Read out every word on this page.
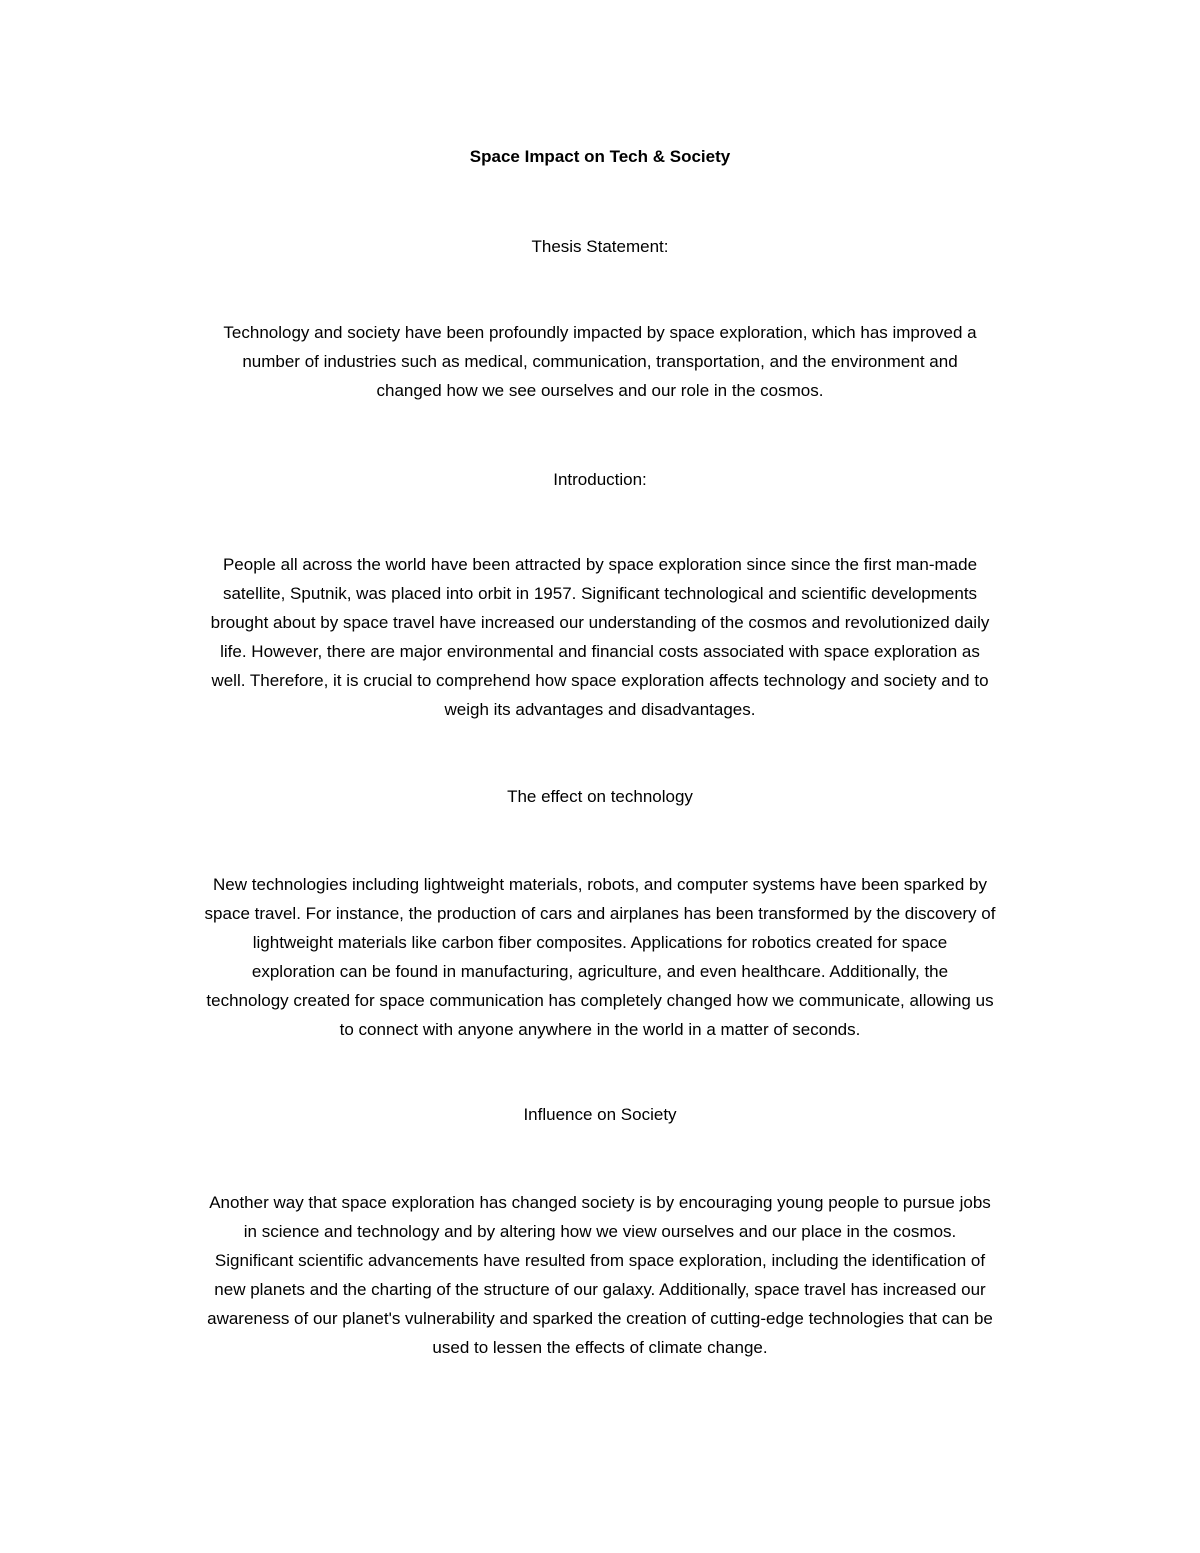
Space Impact on Tech & Society
Thesis Statement:

Technology and society have been profoundly impacted by space exploration, which has improved a
number of industries such as medical, communication, transportation, and the environment and
changed how we see ourselves and our role in the cosmos.

Introduction:

People all across the world have been attracted by space exploration since since the first man-made
satellite, Sputnik, was placed into orbit in 1957. Significant technological and scientific developments
brought about by space travel have increased our understanding of the cosmos and revolutionized daily
life. However, there are major environmental and financial costs associated with space exploration as
well. Therefore, it is crucial to comprehend how space exploration affects technology and society and to
weigh its advantages and disadvantages.

The effect on technology

New technologies including lightweight materials, robots, and computer systems have been sparked by
space travel. For instance, the production of cars and airplanes has been transformed by the discovery of
lightweight materials like carbon fiber composites. Applications for robotics created for space
exploration can be found in manufacturing, agriculture, and even healthcare. Additionally, the
technology created for space communication has completely changed how we communicate, allowing us
to connect with anyone anywhere in the world in a matter of seconds.

Influence on Society

Another way that space exploration has changed society is by encouraging young people to pursue jobs
in science and technology and by altering how we view ourselves and our place in the cosmos.
Significant scientific advancements have resulted from space exploration, including the identification of
new planets and the charting of the structure of our galaxy. Additionally, space travel has increased our
awareness of our planet's vulnerability and sparked the creation of cutting-edge technologies that can be
used to lessen the effects of climate change.
